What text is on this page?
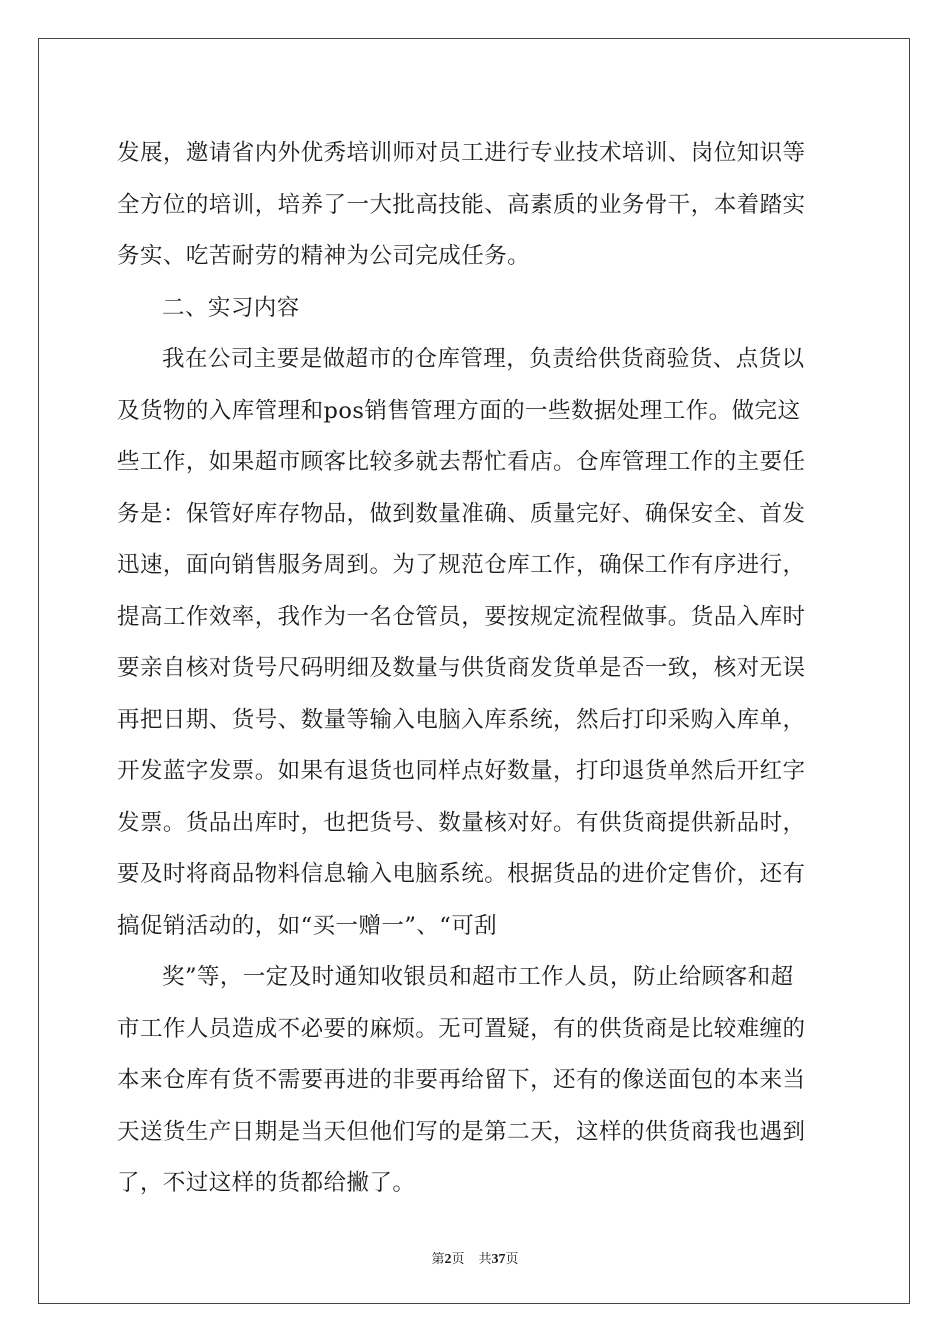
发展，邀请省内外优秀培训师对员工进行专业技术培训、岗位知识等
全方位的培训，培养了一大批高技能、高素质的业务骨干，本着踏实
务实、吃苦耐劳的精神为公司完成任务。
二、实习内容
我在公司主要是做超市的仓库管理，负责给供货商验货、点货以
及货物的入库管理和pos销售管理方面的一些数据处理工作。做完这
些工作，如果超市顾客比较多就去帮忙看店。仓库管理工作的主要任
务是：保管好库存物品，做到数量准确、质量完好、确保安全、首发
迅速，面向销售服务周到。为了规范仓库工作，确保工作有序进行，
提高工作效率，我作为一名仓管员，要按规定流程做事。货品入库时
要亲自核对货号尺码明细及数量与供货商发货单是否一致，核对无误
再把日期、货号、数量等输入电脑入库系统，然后打印采购入库单，
开发蓝字发票。如果有退货也同样点好数量，打印退货单然后开红字
发票。货品出库时，也把货号、数量核对好。有供货商提供新品时，
要及时将商品物料信息输入电脑系统。根据货品的进价定售价，还有
搞促销活动的，如“买一赠一”、“可刮
奖”等，一定及时通知收银员和超市工作人员，防止给顾客和超
市工作人员造成不必要的麻烦。无可置疑，有的供货商是比较难缠的
本来仓库有货不需要再进的非要再给留下，还有的像送面包的本来当
天送货生产日期是当天但他们写的是第二天，这样的供货商我也遇到
了，不过这样的货都给撇了。
第2页 共37页
